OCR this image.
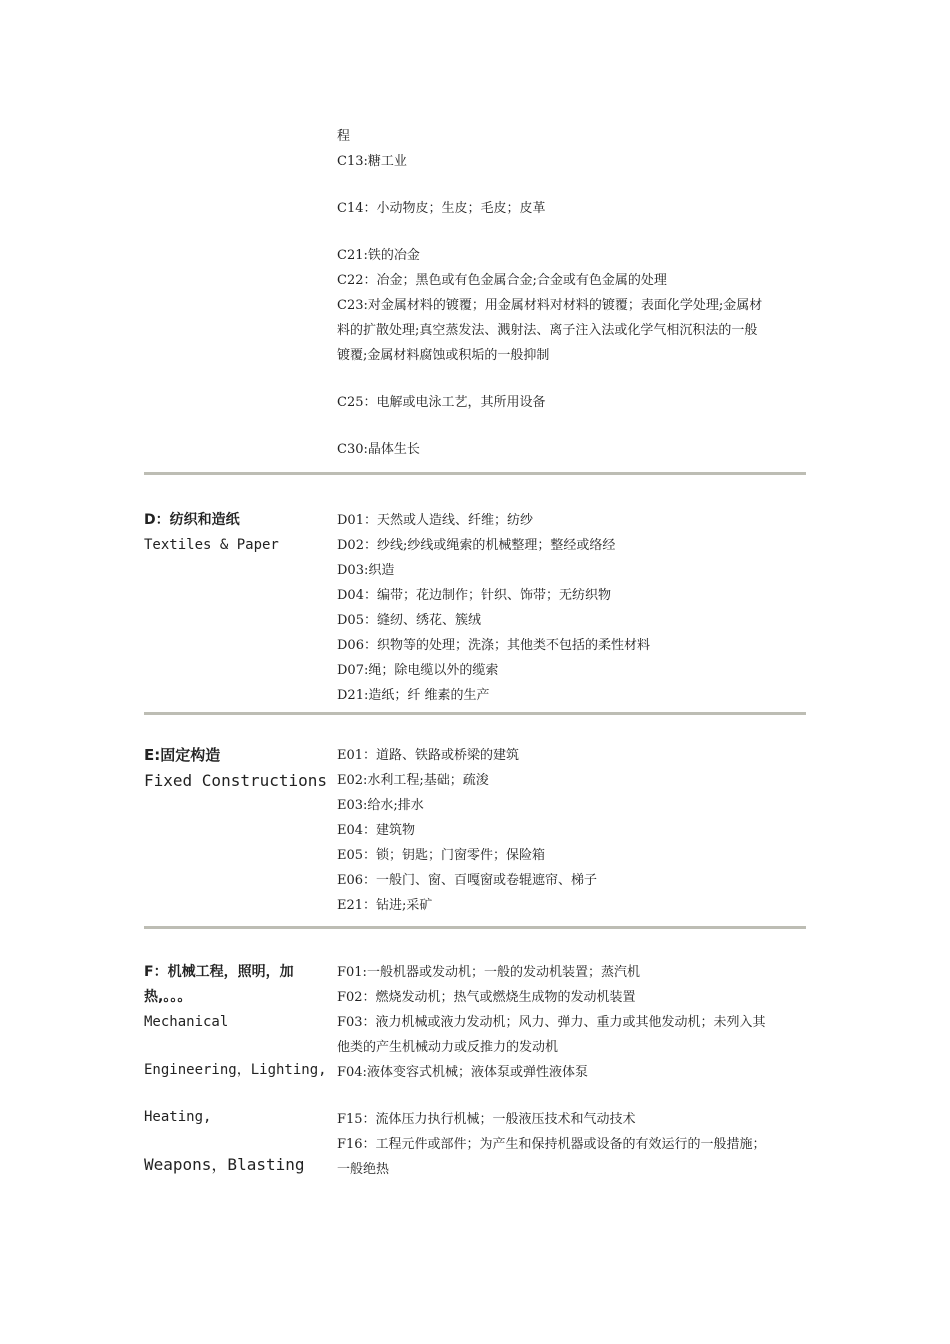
程
C13:糖工业
C14：小动物皮；生皮；毛皮；皮革
C21:铁的冶金
C22：冶金；黑色或有色金属合金;合金或有色金属的处理
C23:对金属材料的镀覆；用金属材料对材料的镀覆；表面化学处理;金属材
料的扩散处理;真空蒸发法、溅射法、离子注入法或化学气相沉积法的一般
镀覆;金属材料腐蚀或积垢的一般抑制
C25：电解或电泳工艺，其所用设备
C30:晶体生长
D：纺织和造纸
Textiles & Paper
D01：天然或人造线、纤维；纺纱
D02：纱线;纱线或绳索的机械整理；整经或络经
D03:织造
D04：编带；花边制作；针织、饰带；无纺织物
D05：缝纫、绣花、簇绒
D06：织物等的处理；洗涤；其他类不包括的柔性材料
D07:绳；除电缆以外的缆索
D21:造纸；纤 维素的生产
E:固定构造
Fixed Constructions
E01：道路、铁路或桥梁的建筑
E02:水利工程;基础；疏浚
E03:给水;排水
E04：建筑物
E05：锁；钥匙；门窗零件；保险箱
E06：一般门、窗、百嘎窗或卷辊遮帘、梯子
E21：钻进;采矿
F：机械工程，照明，加
热,。。。
Mechanical
Engineering，Lighting,
Heating,
Weapons，Blasting
F01:一般机器或发动机；一般的发动机装置；蒸汽机
F02：燃烧发动机；热气或燃烧生成物的发动机装置
F03：液力机械或液力发动机；风力、弹力、重力或其他发动机；未列入其
他类的产生机械动力或反推力的发动机
F04:液体变容式机械；液体泵或弹性液体泵
F15：流体压力执行机械；一般液压技术和气动技术
F16：工程元件或部件；为产生和保持机器或设备的有效运行的一般措施；
一般绝热
